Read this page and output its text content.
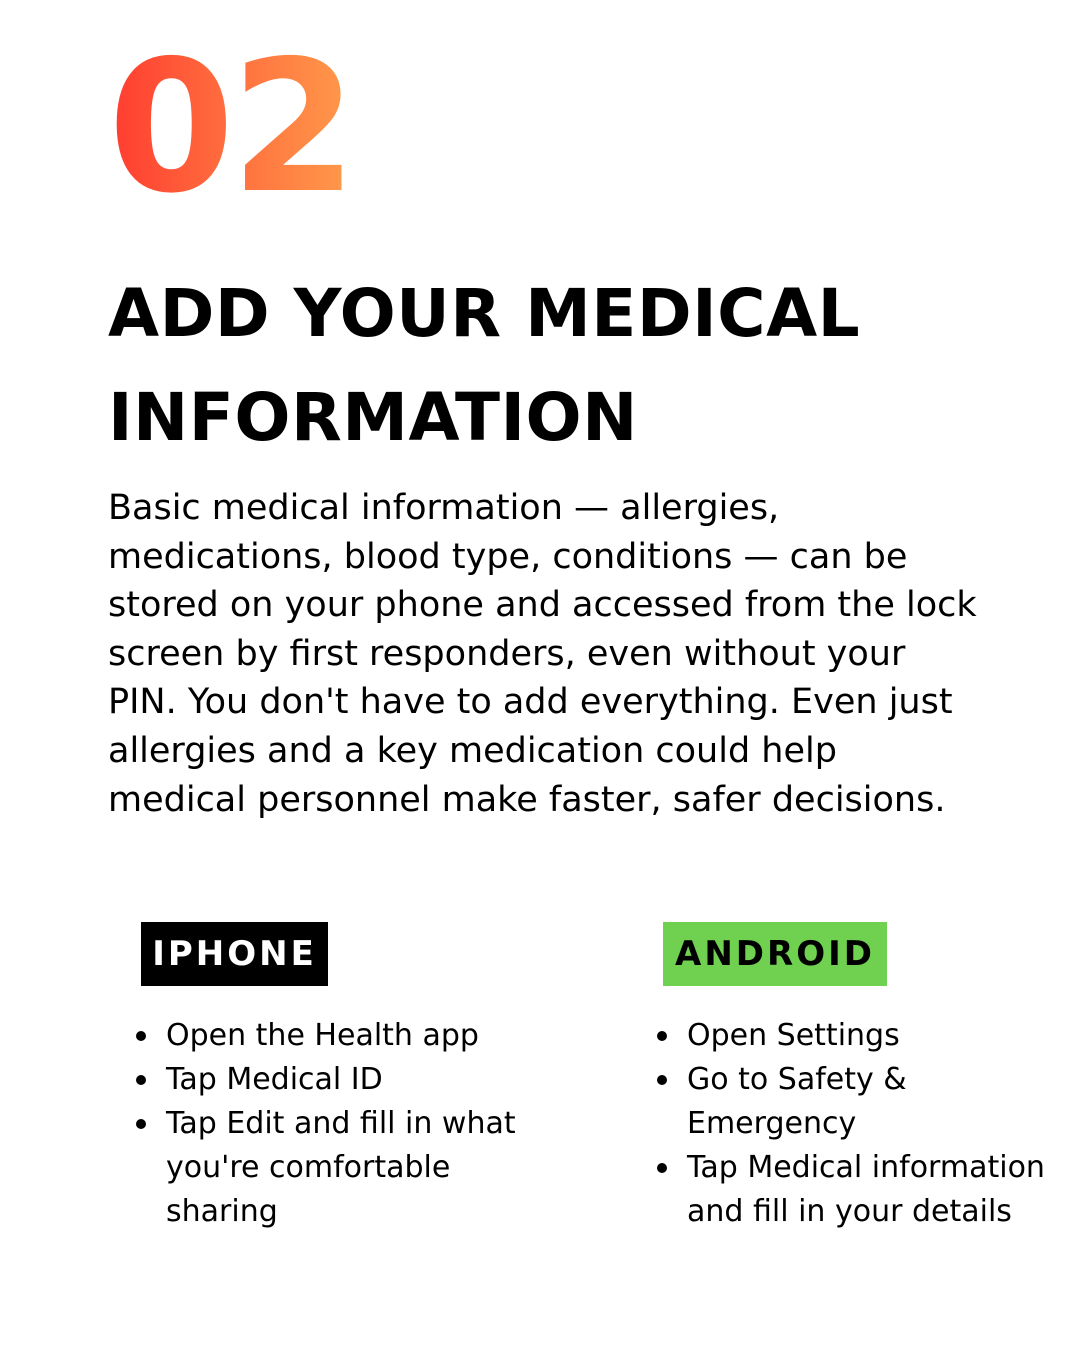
02
ADD YOUR MEDICAL INFORMATION
Basic medical information — allergies, medications, blood type, conditions — can be stored on your phone and accessed from the lock screen by first responders, even without your PIN. You don't have to add everything. Even just allergies and a key medication could help medical personnel make faster, safer decisions.
IPHONE	ANDROID
Open the Health app
Tap Medical ID
Tap Edit and fill in what you're comfortable sharing
Open Settings
Go to Safety & Emergency
Tap Medical information and fill in your details
